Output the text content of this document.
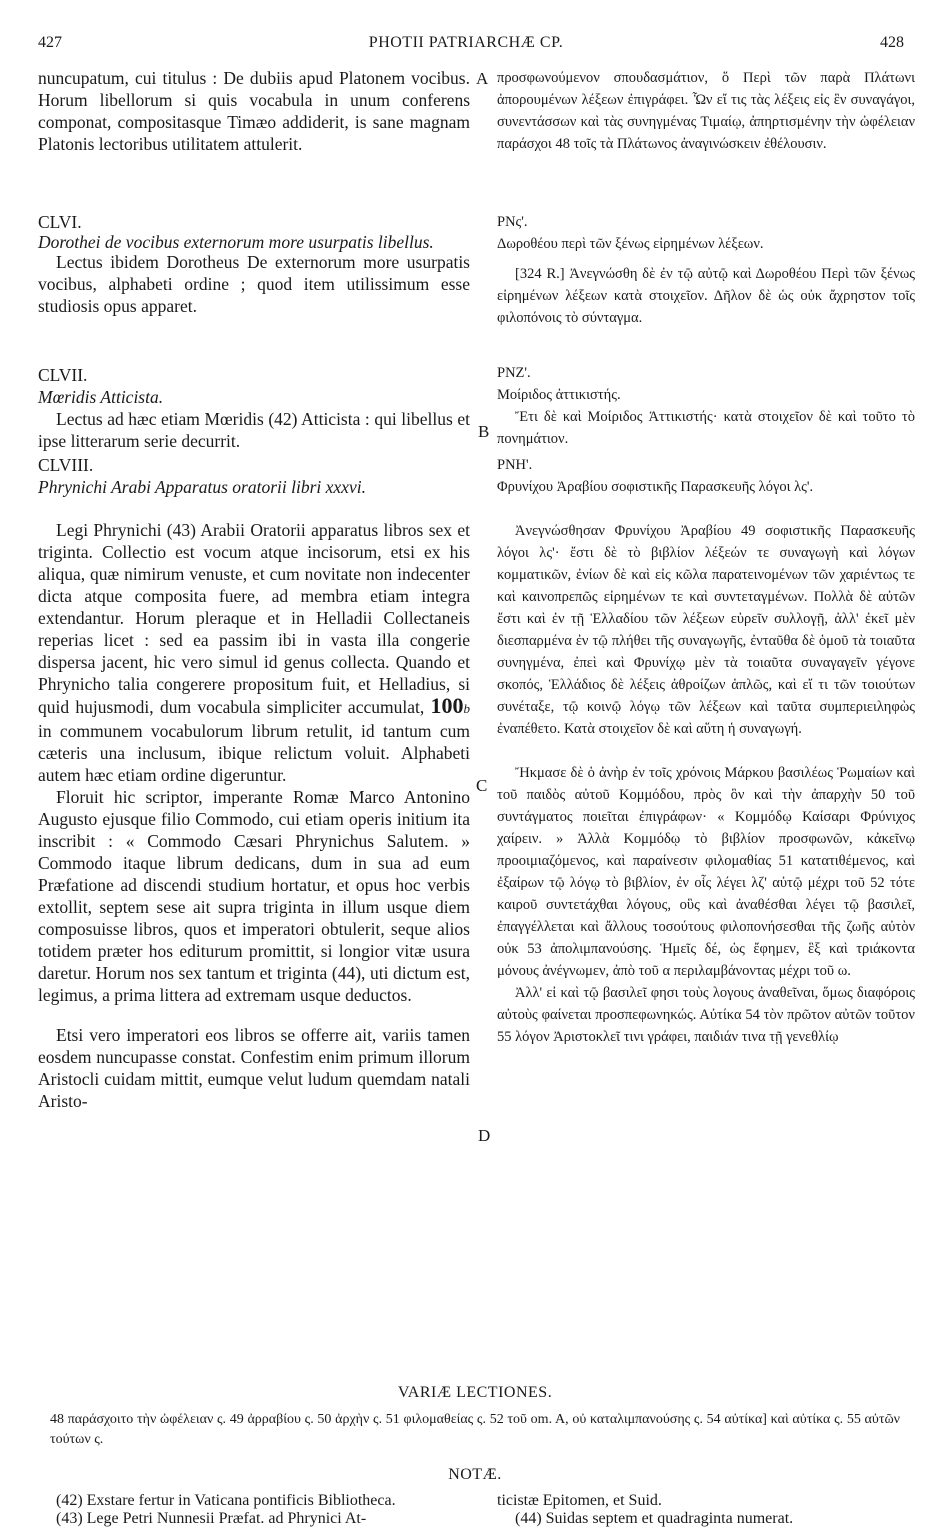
427	PHOTII PATRIARCHÆ CP.	428

nuncupatum, cui titulus : De dubiis apud Platonem vocibus. Horum libellorum si quis vocabula in unum conferens componat, compositasque Timæo addiderit, is sane magnam Platonis lectoribus utilitatem attulerit.

CLVI.

Dorothei de vocibus externorum more usurpatis libellus.

Lectus ibidem Dorotheus De externorum more usurpatis vocibus, alphabeti ordine ; quod item utilissimum esse studiosis opus apparet.

CLVII.

Mœridis Atticista.

Lectus ad hæc etiam Mœridis (42) Atticista : qui libellus et ipse litterarum serie decurrit.

CLVIII.

Phrynichi Arabi Apparatus oratorii libri xxxvi.

Legi Phrynichi (43) Arabii Oratorii apparatus libros sex et triginta. Collectio est vocum atque incisorum, etsi ex his aliqua, quæ nimirum venuste, et cum novitate non indecenter dicta atque composita fuere, ad membra etiam integra extendantur. Horum pleraque et in Helladii Collectaneis reperias licet : sed ea passim ibi in vasta illa congerie dispersa jacent, hic vero simul id genus collecta. Quando et Phrynicho talia congerere propositum fuit, et Helladius, si quid hujusmodi, dum vocabula simpliciter accumulat, 100b in communem vocabulorum librum retulit, id tantum cum cæteris una inclusum, ibique relictum voluit. Alphabeti autem hæc etiam ordine digeruntur.

Floruit hic scriptor, imperante Romæ Marco Antonino Augusto ejusque filio Commodo, cui etiam operis initium ita inscribit : « Commodo Cæsari Phrynichus Salutem. » Commodo itaque librum dedicans, dum in sua ad eum Præfatione ad discendi studium hortatur, et opus hoc verbis extollit, septem sese ait supra triginta in illum usque diem composuisse libros, quos et imperatori obtulerit, seque alios totidem præter hos editurum promittit, si longior vitæ usura daretur. Horum nos sex tantum et triginta (44), uti dictum est, legimus, a prima littera ad extremam usque deductos.

Etsi vero imperatori eos libros se offerre ait, variis tamen eosdem nuncupasse constat. Confestim enim primum illorum Aristocli cuidam mittit, eumque velut ludum quemdam natali Aristo-

A
B
C
D

προσφωνούμενον σπουδασμάτιον, ὅ Περὶ τῶν παρὰ Πλάτωνι ἀπορουμένων λέξεων ἐπιγράφει. Ὧν εἴ τις τὰς λέξεις εἰς ἓν συναγάγοι, συνεντάσσων καὶ τὰς συνηγμένας Τιμαίῳ, ἀπηρτισμένην τὴν ὠφέλειαν παράσχοι 48 τοῖς τὰ Πλάτωνος ἀναγινώσκειν ἐθέλουσιν.

ΡΝς'.

Δωροθέου περὶ τῶν ξένως εἰρημένων λέξεων.

[324 R.] Ἀνεγνώσθη δὲ ἐν τῷ αὐτῷ καὶ Δωροθέου Περὶ τῶν ξένως εἰρημένων λέξεων κατὰ στοιχεῖον. Δῆλον δὲ ὡς οὐκ ἄχρηστον τοῖς φιλοπόνοις τὸ σύνταγμα.

ΡΝΖ'.

Μοίριδος ἀττικιστής.

Ἔτι δὲ καὶ Μοίριδος Ἀττικιστής· κατὰ στοιχεῖον δὲ καὶ τοῦτο τὸ πονημάτιον.

ΡΝΗ'.

Φρυνίχου Ἀραβίου σοφιστικῆς Παρασκευῆς λόγοι λς'.

Ἀνεγνώσθησαν Φρυνίχου Ἀραβίου 49 σοφιστικῆς Παρασκευῆς λόγοι λς'· ἔστι δὲ τὸ βιβλίον λέξεών τε συναγωγὴ καὶ λόγων κομματικῶν, ἐνίων δὲ καὶ εἰς κῶλα παρατεινομένων τῶν χαριέντως τε καὶ καινοπρεπῶς εἰρημένων τε καὶ συντεταγμένων. Πολλὰ δὲ αὐτῶν ἔστι καὶ ἐν τῇ Ἑλλαδίου τῶν λέξεων εὑρεῖν συλλογῇ, ἀλλ' ἐκεῖ μὲν διεσπαρμένα ἐν τῷ πλήθει τῆς συναγωγῆς, ἐνταῦθα δὲ ὁμοῦ τὰ τοιαῦτα συνηγμένα, ἐπεὶ καὶ Φρυνίχῳ μὲν τὰ τοιαῦτα συναγαγεῖν γέγονε σκοπός, Ἑλλάδιος δὲ λέξεις ἀθροίζων ἁπλῶς, καὶ εἴ τι τῶν τοιούτων συνέταξε, τῷ κοινῷ λόγῳ τῶν λέξεων καὶ ταῦτα συμπεριειληφὼς ἐναπέθετο. Κατὰ στοιχεῖον δὲ καὶ αὕτη ἡ συναγωγή.

Ἤκμασε δὲ ὁ ἀνὴρ ἐν τοῖς χρόνοις Μάρκου βασιλέως Ῥωμαίων καὶ τοῦ παιδὸς αὐτοῦ Κομμόδου, πρὸς ὃν καὶ τὴν ἀπαρχὴν 50 τοῦ συντάγματος ποιεῖται ἐπιγράφων· « Κομμόδῳ Καίσαρι Φρύνιχος χαίρειν. » Ἀλλὰ Κομμόδῳ τὸ βιβλίον προσφωνῶν, κἀκεῖνῳ προοιμιαζόμενος, καὶ παραίνεσιν φιλομαθίας 51 κατατιθέμενος, καὶ ἐξαίρων τῷ λόγῳ τὸ βιβλίον, ἐν οἷς λέγει λζ' αὐτῷ μέχρι τοῦ 52 τότε καιροῦ συντετάχθαι λόγους, οὓς καὶ ἀναθέσθαι λέγει τῷ βασιλεῖ, ἐπαγγέλλεται καὶ ἄλλους τοσούτους φιλοπονήσεσθαι τῆς ζωῆς αὐτὸν οὐκ 53 ἀπολιμπανούσης. Ἡμεῖς δέ, ὡς ἔφημεν, ἓξ καὶ τριάκοντα μόνους ἀνέγνωμεν, ἀπὸ τοῦ α περιλαμβάνοντας μέχρι τοῦ ω.

Ἀλλ' εἰ καὶ τῷ βασιλεῖ φησι τοὺς λογους ἀναθεῖναι, ὅμως διαφόροις αὐτοὺς φαίνεται προσπεφωνηκώς. Αὐτίκα 54 τὸν πρῶτον αὐτῶν τοῦτον 55 λόγον Ἀριστοκλεῖ τινι γράφει, παιδιάν τινα τῇ γενεθλίῳ

VARIÆ LECTIONES.
48 παράσχοιτο τὴν ὠφέλειαν ς. 49 ἀρραβίου ς. 50 ἀρχὴν ς. 51 φιλομαθείας ς. 52 τοῦ om. A, οὐ καταλιμπανούσης ς. 54 αὐτίκα] καὶ αὐτίκα ς. 55 αὐτῶν τούτων ς.
NOTÆ.
(42) Exstare fertur in Vaticana pontificis Bibliotheca.
(43) Lege Petri Nunnesii Præfat. ad Phrynici At-
ticistæ Epitomen, et Suid.
(44) Suidas septem et quadraginta numerat.
